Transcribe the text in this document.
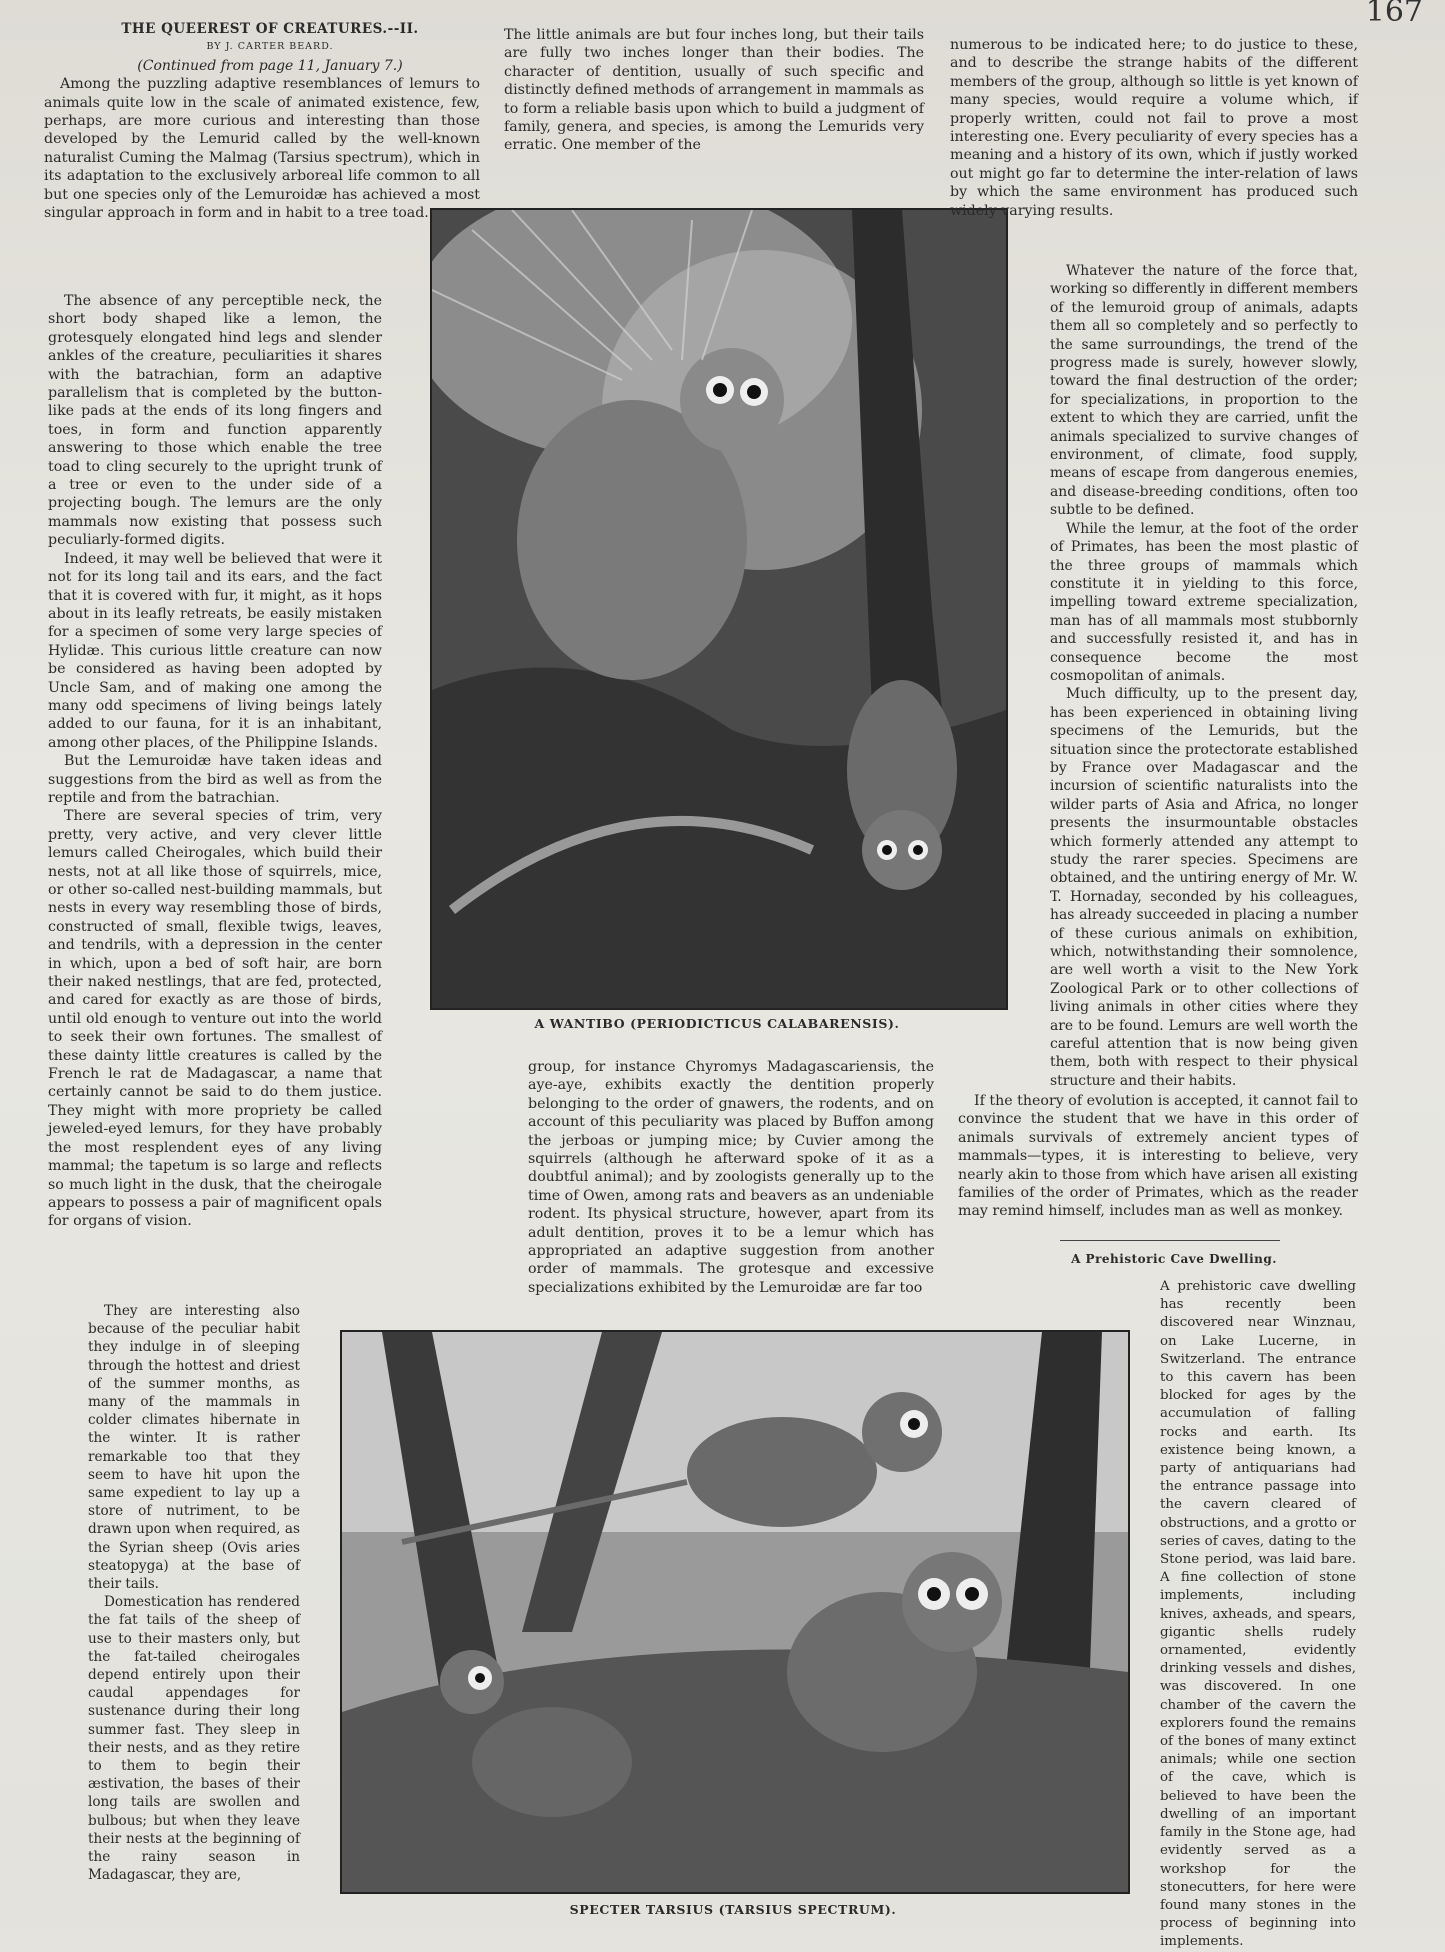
167

THE QUEEREST OF CREATURES.--II.

BY J. CARTER BEARD.

(Continued from page 11, January 7.)

Among the puzzling adaptive resemblances of lemurs to animals quite low in the scale of animated existence, few, perhaps, are more curious and interesting than those developed by the Lemurid called by the well-known naturalist Cuming the Malmag (Tarsius spectrum), which in its adaptation to the exclusively arboreal life common to all but one species only of the Lemuroidæ has achieved a most singular approach in form and in habit to a tree toad.

The absence of any perceptible neck, the short body shaped like a lemon, the grotesquely elongated hind legs and slender ankles of the creature, peculiarities it shares with the batrachian, form an adaptive parallelism that is completed by the button-like pads at the ends of its long fingers and toes, in form and function apparently answering to those which enable the tree toad to cling securely to the upright trunk of a tree or even to the under side of a projecting bough. The lemurs are the only mammals now existing that possess such peculiarly-formed digits.

Indeed, it may well be believed that were it not for its long tail and its ears, and the fact that it is covered with fur, it might, as it hops about in its leafly retreats, be easily mistaken for a specimen of some very large species of Hylidæ. This curious little creature can now be considered as having been adopted by Uncle Sam, and of making one among the many odd specimens of living beings lately added to our fauna, for it is an inhabitant, among other places, of the Philippine Islands.

But the Lemuroidæ have taken ideas and suggestions from the bird as well as from the reptile and from the batrachian.

There are several species of trim, very pretty, very active, and very clever little lemurs called Cheirogales, which build their nests, not at all like those of squirrels, mice, or other so-called nest-building mammals, but nests in every way resembling those of birds, constructed of small, flexible twigs, leaves, and tendrils, with a depression in the center in which, upon a bed of soft hair, are born their naked nestlings, that are fed, protected, and cared for exactly as are those of birds, until old enough to venture out into the world to seek their own fortunes. The smallest of these dainty little creatures is called by the French le rat de Madagascar, a name that certainly cannot be said to do them justice. They might with more propriety be called jeweled-eyed lemurs, for they have probably the most resplendent eyes of any living mammal; the tapetum is so large and reflects so much light in the dusk, that the cheirogale appears to possess a pair of magnificent opals for organs of vision.

They are interesting also because of the peculiar habit they indulge in of sleeping through the hottest and driest of the summer months, as many of the mammals in colder climates hibernate in the winter. It is rather remarkable too that they seem to have hit upon the same expedient to lay up a store of nutriment, to be drawn upon when required, as the Syrian sheep (Ovis aries steatopyga) at the base of their tails.

Domestication has rendered the fat tails of the sheep of use to their masters only, but the fat-tailed cheirogales depend entirely upon their caudal appendages for sustenance during their long summer fast. They sleep in their nests, and as they retire to them to begin their æstivation, the bases of their long tails are swollen and bulbous; but when they leave their nests at the beginning of the rainy season in Madagascar, they are,

The little animals are but four inches long, but their tails are fully two inches longer than their bodies. The character of dentition, usually of such specific and distinctly defined methods of arrangement in mammals as to form a reliable basis upon which to build a judgment of family, genera, and species, is among the Lemurids very erratic. One member of the

A WANTIBO (PERIODICTICUS CALABARENSIS).

group, for instance Chyromys Madagascariensis, the aye-aye, exhibits exactly the dentition properly belonging to the order of gnawers, the rodents, and on account of this peculiarity was placed by Buffon among the jerboas or jumping mice; by Cuvier among the squirrels (although he afterward spoke of it as a doubtful animal); and by zoologists generally up to the time of Owen, among rats and beavers as an undeniable rodent. Its physical structure, however, apart from its adult dentition, proves it to be a lemur which has appropriated an adaptive suggestion from another order of mammals. The grotesque and excessive specializations exhibited by the Lemuroidæ are far too

numerous to be indicated here; to do justice to these, and to describe the strange habits of the different members of the group, although so little is yet known of many species, would require a volume which, if properly written, could not fail to prove a most interesting one. Every peculiarity of every species has a meaning and a history of its own, which if justly worked out might go far to determine the inter-relation of laws by which the same environment has produced such widely varying results.

Whatever the nature of the force that, working so differently in different members of the lemuroid group of animals, adapts them all so completely and so perfectly to the same surroundings, the trend of the progress made is surely, however slowly, toward the final destruction of the order; for specializations, in proportion to the extent to which they are carried, unfit the animals specialized to survive changes of environment, of climate, food supply, means of escape from dangerous enemies, and disease-breeding conditions, often too subtle to be defined.

While the lemur, at the foot of the order of Primates, has been the most plastic of the three groups of mammals which constitute it in yielding to this force, impelling toward extreme specialization, man has of all mammals most stubbornly and successfully resisted it, and has in consequence become the most cosmopolitan of animals.

Much difficulty, up to the present day, has been experienced in obtaining living specimens of the Lemurids, but the situation since the protectorate established by France over Madagascar and the incursion of scientific naturalists into the wilder parts of Asia and Africa, no longer presents the insurmountable obstacles which formerly attended any attempt to study the rarer species. Specimens are obtained, and the untiring energy of Mr. W. T. Hornaday, seconded by his colleagues, has already succeeded in placing a number of these curious animals on exhibition, which, notwithstanding their somnolence, are well worth a visit to the New York Zoological Park or to other collections of living animals in other cities where they are to be found. Lemurs are well worth the careful attention that is now being given them, both with respect to their physical structure and their habits.

If the theory of evolution is accepted, it cannot fail to convince the student that we have in this order of animals survivals of extremely ancient types of mammals—types, it is interesting to believe, very nearly akin to those from which have arisen all existing families of the order of Primates, which as the reader may remind himself, includes man as well as monkey.

A Prehistoric Cave Dwelling.

A prehistoric cave dwelling has recently been discovered near Winznau, on Lake Lucerne, in Switzerland. The entrance to this cavern has been blocked for ages by the accumulation of falling rocks and earth. Its existence being known, a party of antiquarians had the entrance passage into the cavern cleared of obstructions, and a grotto or series of caves, dating to the Stone period, was laid bare. A fine collection of stone implements, including knives, axheads, and spears, gigantic shells rudely ornamented, evidently drinking vessels and dishes, was discovered. In one chamber of the cavern the explorers found the remains of the bones of many extinct animals; while one section of the cave, which is believed to have been the dwelling of an important family in the Stone age, had evidently served as a workshop for the stonecutters, for here were found many stones in the process of beginning into implements.

SPECTER TARSIUS (TARSIUS SPECTRUM).
